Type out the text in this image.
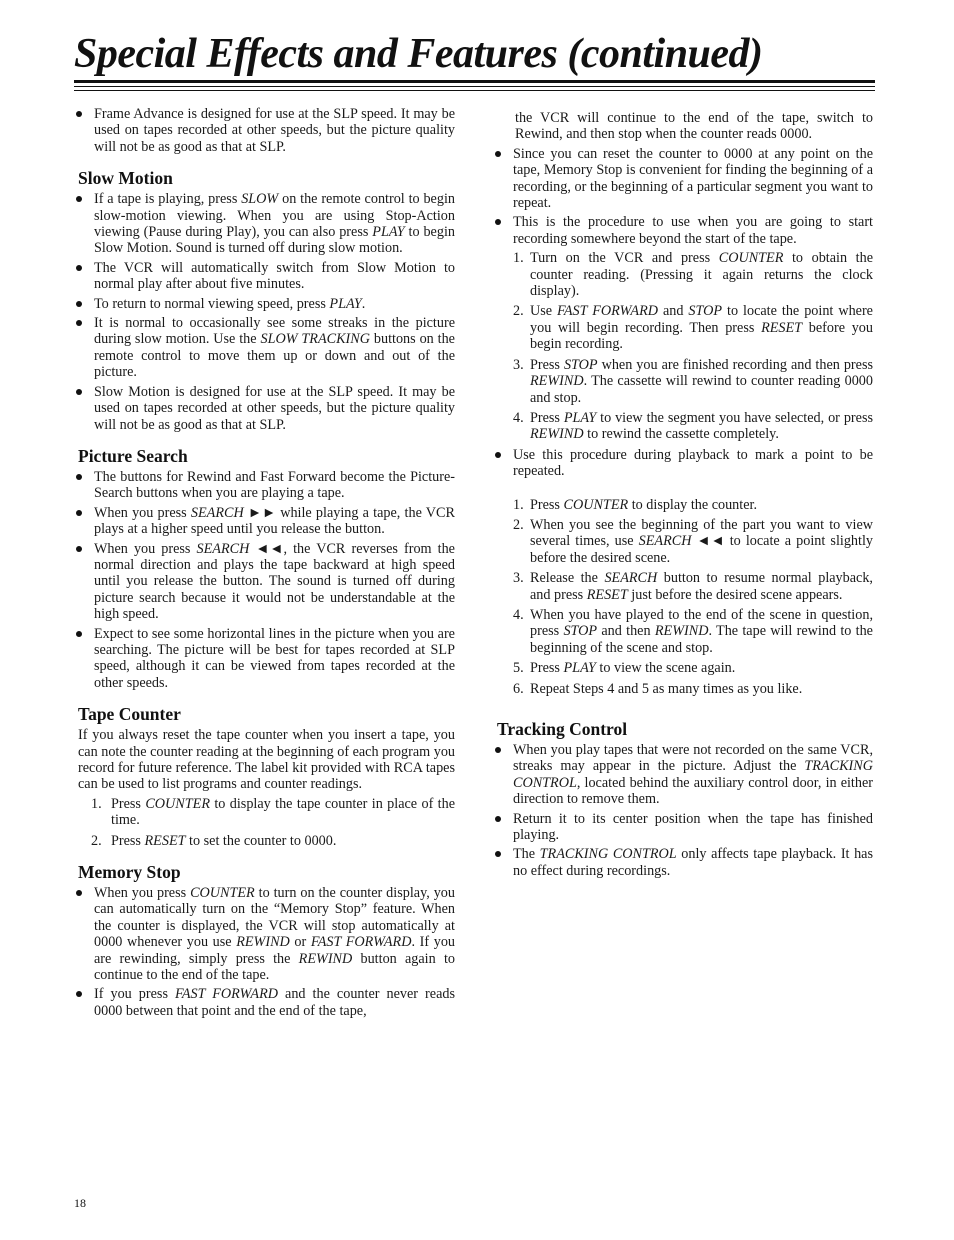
Special Effects and Features (continued)
Frame Advance is designed for use at the SLP speed. It may be used on tapes recorded at other speeds, but the picture quality will not be as good as that at SLP.
Slow Motion
If a tape is playing, press SLOW on the remote control to begin slow-motion viewing. When you are using Stop-Action viewing (Pause during Play), you can also press PLAY to begin Slow Motion. Sound is turned off during slow motion.
The VCR will automatically switch from Slow Motion to normal play after about five minutes.
To return to normal viewing speed, press PLAY.
It is normal to occasionally see some streaks in the picture during slow motion. Use the SLOW TRACKING buttons on the remote control to move them up or down and out of the picture.
Slow Motion is designed for use at the SLP speed. It may be used on tapes recorded at other speeds, but the picture quality will not be as good as that at SLP.
Picture Search
The buttons for Rewind and Fast Forward become the Picture-Search buttons when you are playing a tape.
When you press SEARCH ►► while playing a tape, the VCR plays at a higher speed until you release the button.
When you press SEARCH ◄◄, the VCR reverses from the normal direction and plays the tape backward at high speed until you release the button. The sound is turned off during picture search because it would not be understandable at the high speed.
Expect to see some horizontal lines in the picture when you are searching. The picture will be best for tapes recorded at SLP speed, although it can be viewed from tapes recorded at the other speeds.
Tape Counter

If you always reset the tape counter when you insert a tape, you can note the counter reading at the beginning of each program you record for future reference. The label kit provided with RCA tapes can be used to list programs and counter readings.

1. Press COUNTER to display the tape counter in place of the time.
2. Press RESET to set the counter to 0000.
Memory Stop
When you press COUNTER to turn on the counter display, you can automatically turn on the “Memory Stop” feature. When the counter is displayed, the VCR will stop automatically at 0000 whenever you use REWIND or FAST FORWARD. If you are rewinding, simply press the REWIND button again to continue to the end of the tape.
If you press FAST FORWARD and the counter never reads 0000 between that point and the end of the tape,

the VCR will continue to the end of the tape, switch to Rewind, and then stop when the counter reads 0000.

Since you can reset the counter to 0000 at any point on the tape, Memory Stop is convenient for finding the beginning of a recording, or the beginning of a particular segment you want to repeat.
This is the procedure to use when you are going to start recording somewhere beyond the start of the tape.
1. Turn on the VCR and press COUNTER to obtain the counter reading. (Pressing it again returns the clock display).
2. Use FAST FORWARD and STOP to locate the point where you will begin recording. Then press RESET before you begin recording.
3. Press STOP when you are finished recording and then press REWIND. The cassette will rewind to counter reading 0000 and stop.
4. Press PLAY to view the segment you have selected, or press REWIND to rewind the cassette completely.
Use this procedure during playback to mark a point to be repeated.
1. Press COUNTER to display the counter.
2. When you see the beginning of the part you want to view several times, use SEARCH ◄◄ to locate a point slightly before the desired scene.
3. Release the SEARCH button to resume normal playback, and press RESET just before the desired scene appears.
4. When you have played to the end of the scene in question, press STOP and then REWIND. The tape will rewind to the beginning of the scene and stop.
5. Press PLAY to view the scene again.
6. Repeat Steps 4 and 5 as many times as you like.
Tracking Control
When you play tapes that were not recorded on the same VCR, streaks may appear in the picture. Adjust the TRACKING CONTROL, located behind the auxiliary control door, in either direction to remove them.
Return it to its center position when the tape has finished playing.
The TRACKING CONTROL only affects tape playback. It has no effect during recordings.
18
